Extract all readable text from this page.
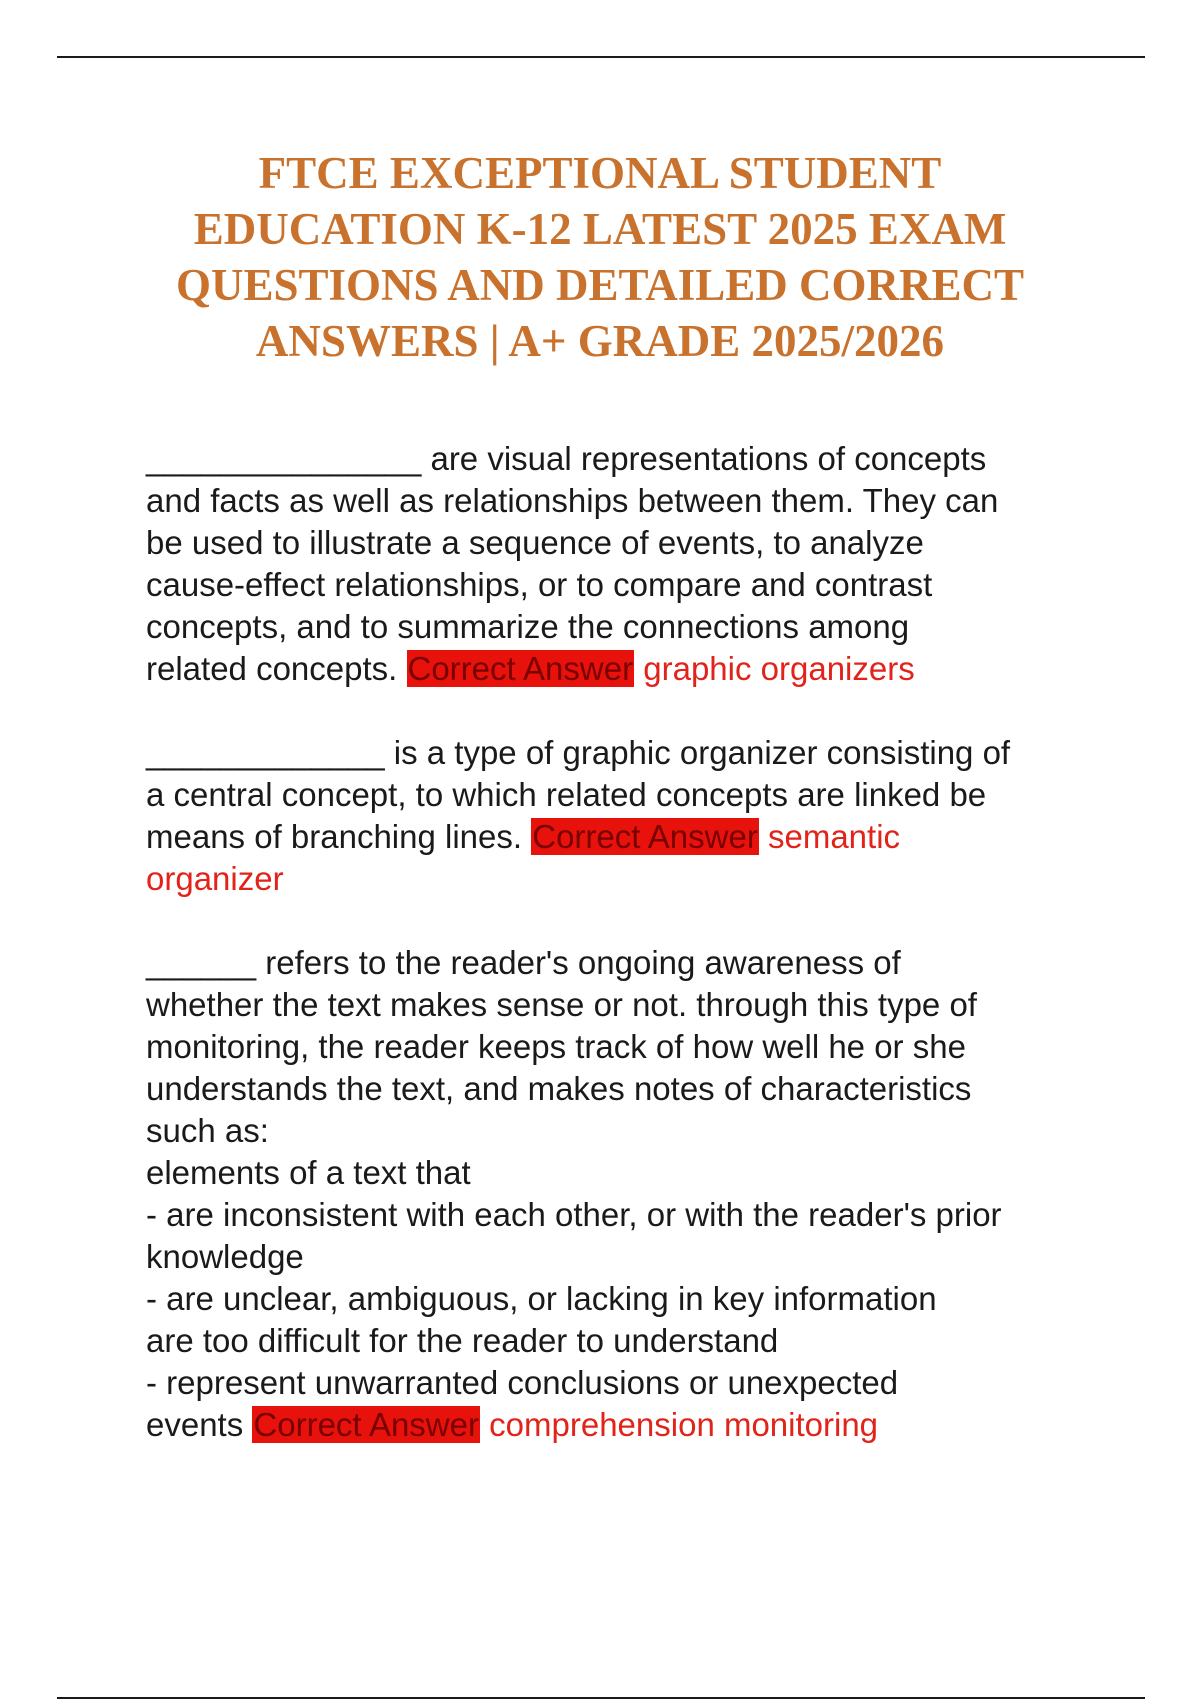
FTCE EXCEPTIONAL STUDENT
EDUCATION K-12 LATEST 2025 EXAM
QUESTIONS AND DETAILED CORRECT
ANSWERS | A+ GRADE 2025/2026

_______________ are visual representations of concepts
and facts as well as relationships between them. They can
be used to illustrate a sequence of events, to analyze
cause-effect relationships, or to compare and contrast
concepts, and to summarize the connections among
related concepts. Correct Answer graphic organizers

_____________ is a type of graphic organizer consisting of
a central concept, to which related concepts are linked be
means of branching lines. Correct Answer semantic
organizer

______ refers to the reader's ongoing awareness of
whether the text makes sense or not. through this type of
monitoring, the reader keeps track of how well he or she
understands the text, and makes notes of characteristics
such as:
elements of a text that
- are inconsistent with each other, or with the reader's prior
knowledge
- are unclear, ambiguous, or lacking in key information
are too difficult for the reader to understand
- represent unwarranted conclusions or unexpected
events Correct Answer comprehension monitoring
